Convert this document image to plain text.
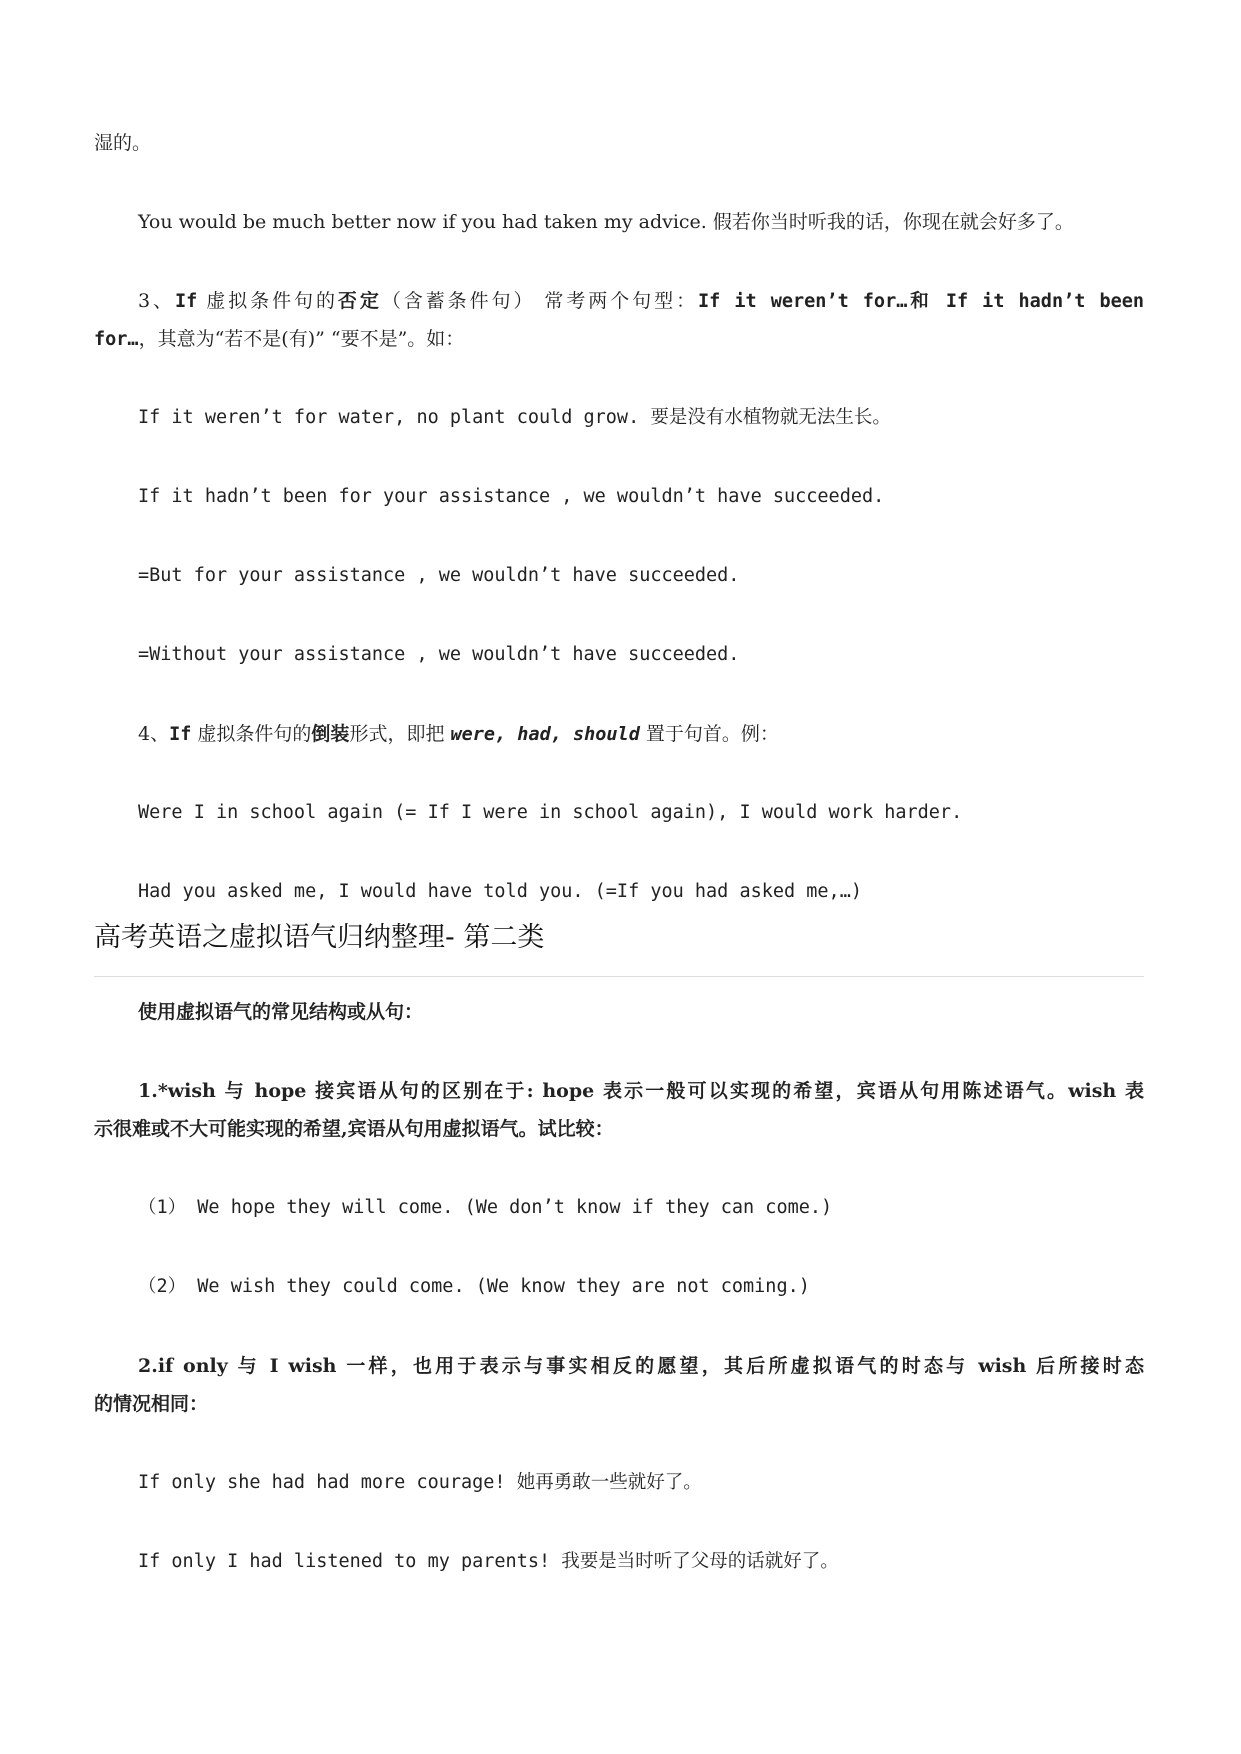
湿的。
You would be much better now if you had taken my advice. 假若你当时听我的话，你现在就会好多了。
3、If 虚拟条件句的否定（含蓄条件句） 常考两个句型：If it weren’t for…和 If it hadn’t been
for…，其意为“若不是(有)” “要不是”。如：
If it weren’t for water, no plant could grow. 要是没有水植物就无法生长。
If it hadn’t been for your assistance , we wouldn’t have succeeded.
=But for your assistance , we wouldn’t have succeeded.
=Without your assistance , we wouldn’t have succeeded.
4、If 虚拟条件句的倒装形式，即把 were, had, should 置于句首。例：
Were I in school again (= If I were in school again), I would work harder.
Had you asked me, I would have told you. (=If you had asked me,…)
高考英语之虚拟语气归纳整理- 第二类
使用虚拟语气的常见结构或从句：
1.*wish 与 hope 接宾语从句的区别在于: hope 表示一般可以实现的希望，宾语从句用陈述语气。wish 表
示很难或不大可能实现的希望,宾语从句用虚拟语气。试比较：
（1） We hope they will come. (We don’t know if they can come.)
（2） We wish they could come. (We know they are not coming.)
2.if only 与 I wish 一样，也用于表示与事实相反的愿望，其后所虚拟语气的时态与 wish 后所接时态
的情况相同：
If only she had had more courage! 她再勇敢一些就好了。
If only I had listened to my parents! 我要是当时听了父母的话就好了。
